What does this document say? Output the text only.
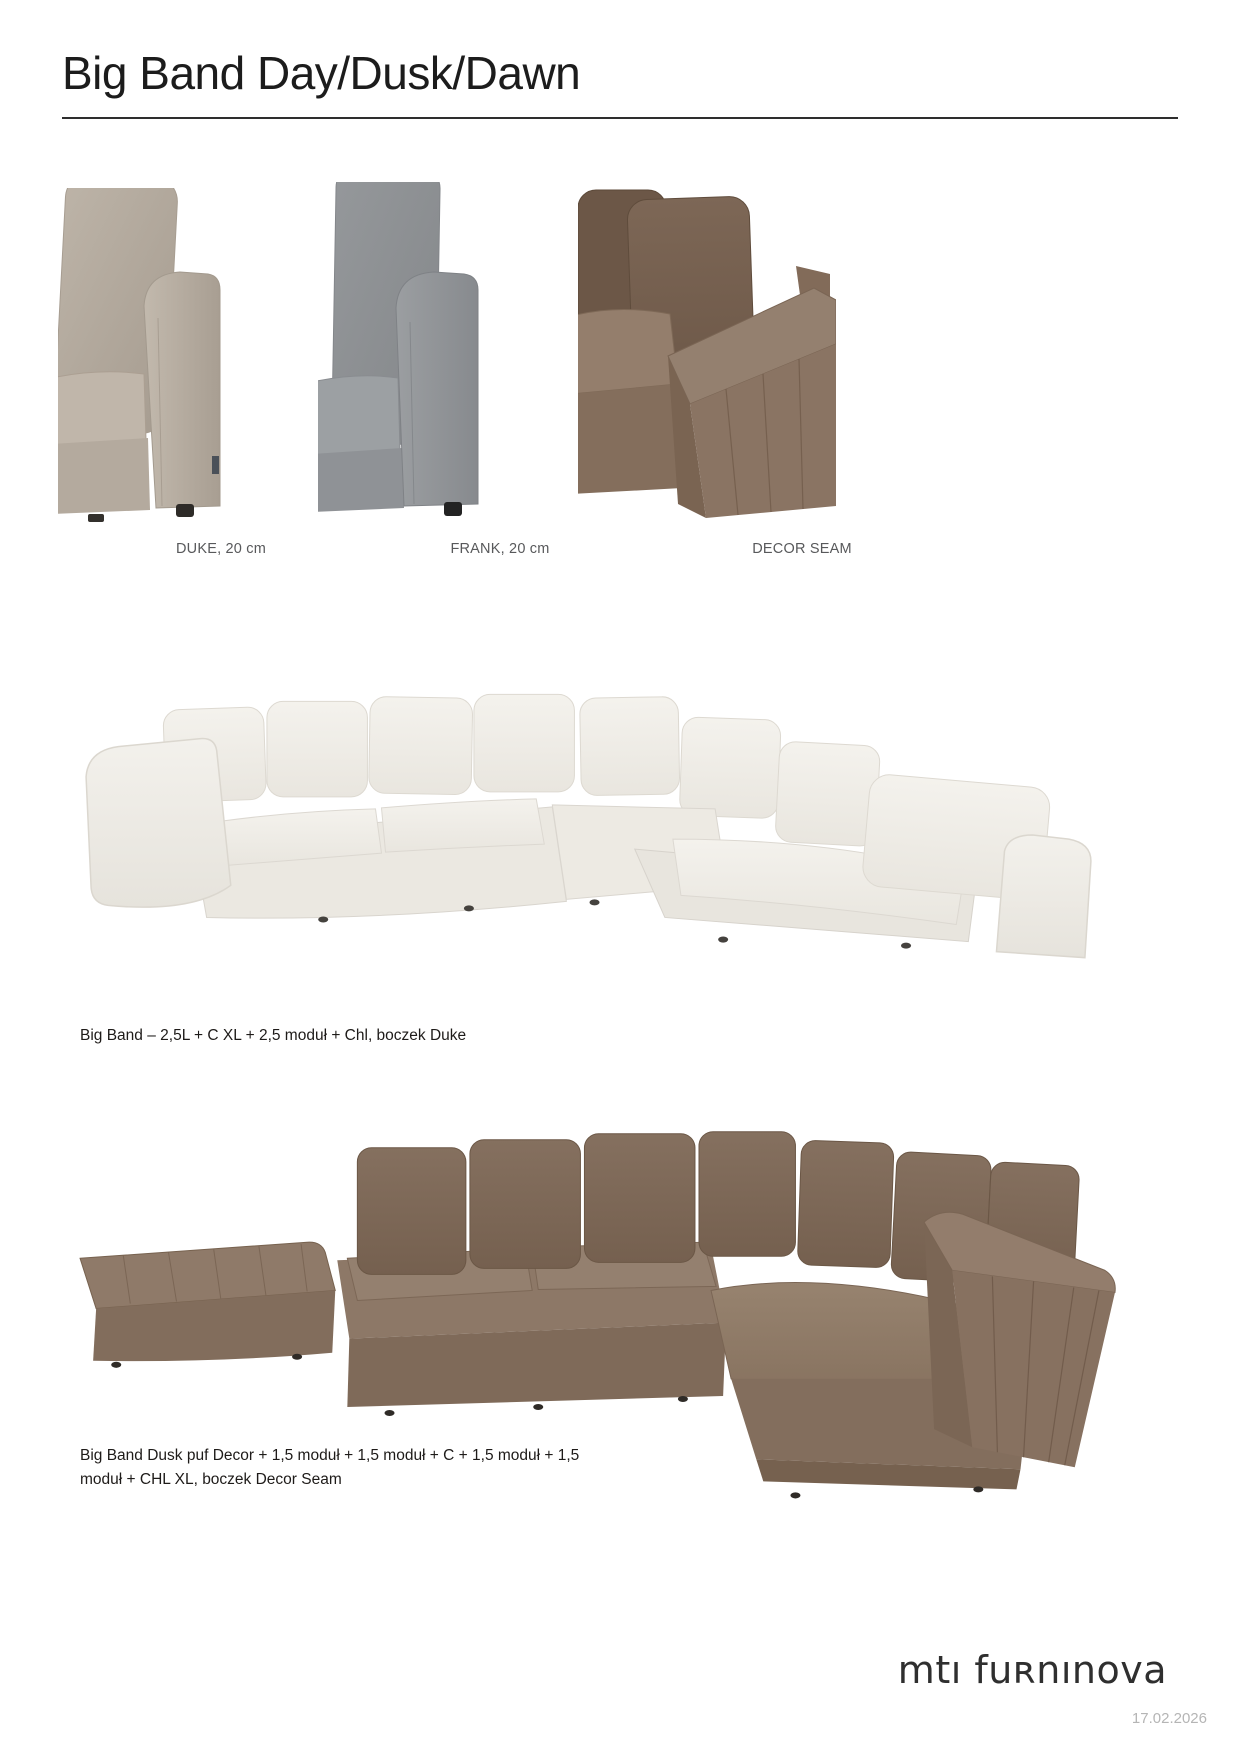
Big Band Day/Dusk/Dawn
DUKE, 20 cm	FRANK, 20 cm	DECOR SEAM
Big Band – 2,5L + C XL + 2,5 moduł + Chl, boczek Duke
Big Band Dusk puf Decor + 1,5 moduł + 1,5 moduł + C + 1,5 moduł + 1,5
moduł + CHL XL, boczek Decor Seam
mtı fuʀnınova
17.02.2026
